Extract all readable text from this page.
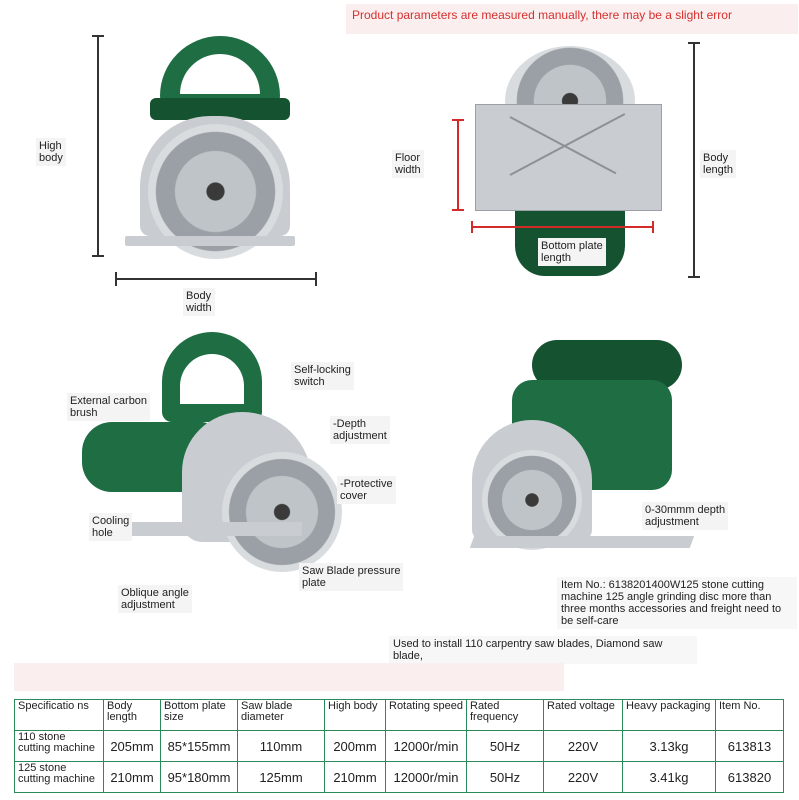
Product parameters are measured manually, there may be a slight error
High
body
Body
width
Floor
width
Bottom plate
length
Body
length
Self-locking
switch
External carbon
brush
-Depth
adjustment
-Protective
cover
Cooling
hole
Saw Blade pressure
plate
Oblique angle
adjustment
0-30mmm depth
adjustment
Item No.: 6138201400W125 stone cutting machine 125 angle grinding disc more than three months accessories and freight need to be self-care
Used to install 110 carpentry saw blades, Diamond saw blade,
Specificatio ns	Body length	Bottom plate size	Saw blade diameter	High body	Rotating speed	Rated frequency	Rated voltage	Heavy packaging	Item No.
110 stone cutting machine	205mm	85*155mm	110mm	200mm	12000r/min	50Hz	220V	3.13kg	613813
125 stone cutting machine	210mm	95*180mm	125mm	210mm	12000r/min	50Hz	220V	3.41kg	613820
